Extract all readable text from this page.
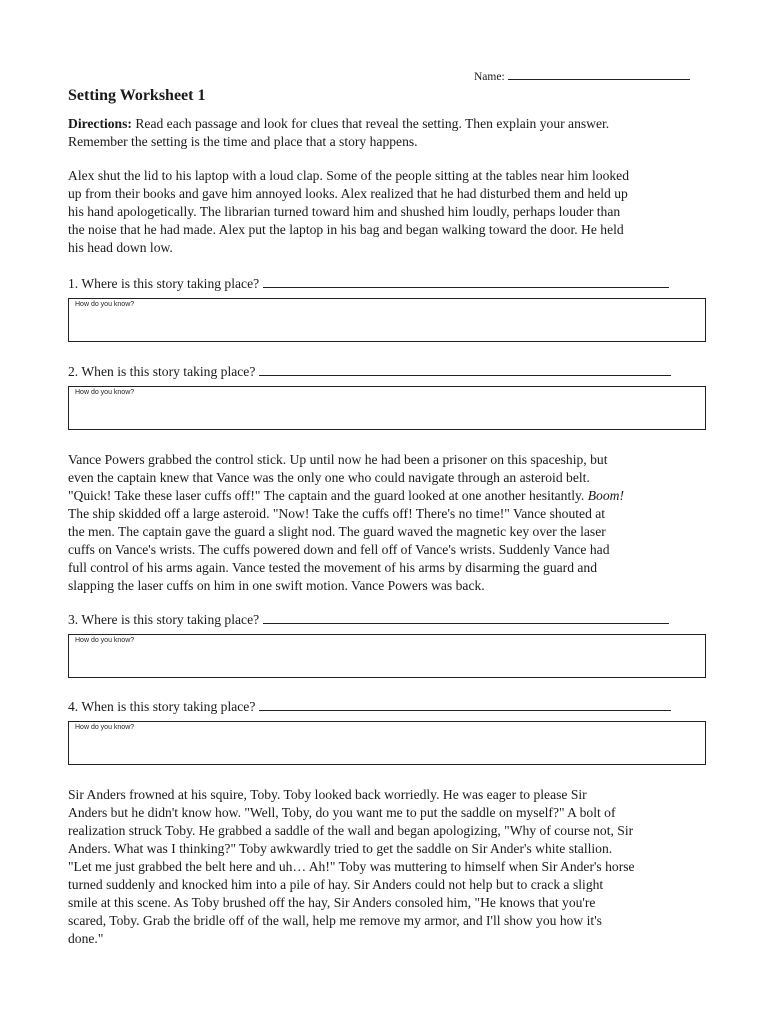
Name:
Setting Worksheet 1

Directions: Read each passage and look for clues that reveal the setting. Then explain your answer.

Remember the setting is the time and place that a story happens.

Alex shut the lid to his laptop with a loud clap. Some of the people sitting at the tables near him looked

up from their books and gave him annoyed looks. Alex realized that he had disturbed them and held up

his hand apologetically. The librarian turned toward him and shushed him loudly, perhaps louder than

the noise that he had made. Alex put the laptop in his bag and began walking toward the door. He held

his head down low.

1. Where is this story taking place?
How do you know?
2. When is this story taking place?
How do you know?

Vance Powers grabbed the control stick. Up until now he had been a prisoner on this spaceship, but

even the captain knew that Vance was the only one who could navigate through an asteroid belt.

"Quick! Take these laser cuffs off!" The captain and the guard looked at one another hesitantly. Boom!

The ship skidded off a large asteroid. "Now! Take the cuffs off! There's no time!" Vance shouted at

the men. The captain gave the guard a slight nod. The guard waved the magnetic key over the laser

cuffs on Vance's wrists. The cuffs powered down and fell off of Vance's wrists. Suddenly Vance had

full control of his arms again. Vance tested the movement of his arms by disarming the guard and

slapping the laser cuffs on him in one swift motion. Vance Powers was back.

3. Where is this story taking place?
How do you know?
4. When is this story taking place?
How do you know?

Sir Anders frowned at his squire, Toby. Toby looked back worriedly. He was eager to please Sir

Anders but he didn't know how. "Well, Toby, do you want me to put the saddle on myself?" A bolt of

realization struck Toby. He grabbed a saddle of the wall and began apologizing, "Why of course not, Sir

Anders. What was I thinking?" Toby awkwardly tried to get the saddle on Sir Ander's white stallion.

"Let me just grabbed the belt here and uh… Ah!" Toby was muttering to himself when Sir Ander's horse

turned suddenly and knocked him into a pile of hay. Sir Anders could not help but to crack a slight

smile at this scene. As Toby brushed off the hay, Sir Anders consoled him, "He knows that you're

scared, Toby. Grab the bridle off of the wall, help me remove my armor, and I'll show you how it's

done."
